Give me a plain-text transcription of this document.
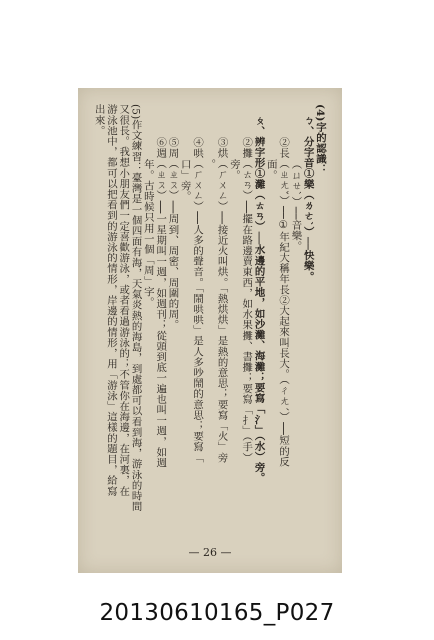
(4)字的認識：
ㄅ、分字音①樂（ㄌㄜˋ）──快樂。
（ㄩㄝˋ）──音樂。
②長（ㄓㄤˇ）──①年紀大稱年長②大起來叫長大。（ㄔㄤˊ）──短的反
面。
ㄆ、辨字形①灘（ㄊㄢ）──水邊的平地，如沙灘、海灘；要寫「氵」（水）旁。
②攤（ㄊㄢ）──擺在路邊賣東西，如水果攤、書攤；要寫「扌」（手）
旁。
③烘（ㄏㄨㄥ）──接近火叫烘。「熱烘烘」是熱的意思；要寫「火」旁
。
④哄（ㄏㄨㄥ）──人多的聲音。「鬧哄哄」是人多吵鬧的意思；要寫「
口」旁。
⑤周（ㄓㄡ）──周到、周密、周圍的周。
⑥週（ㄓㄡ）──一星期叫一週，如週刊；從頭到底一遍也叫一週，如週
年。古時候只用一個「周」字。
(5)作文練習：臺灣是一個四面有海，天氣炎熱的海島，到處都可以看到海，游泳的時間
又很長。我想小朋友們一定喜歡游泳，或者看過游泳的；不管你在海邊，在河裏，在
游泳池中，都可以把看到的游泳的情形，岸邊的情形，用「游泳」這樣的題目，給寫
出來。
— 26 —
20130610165_P027
